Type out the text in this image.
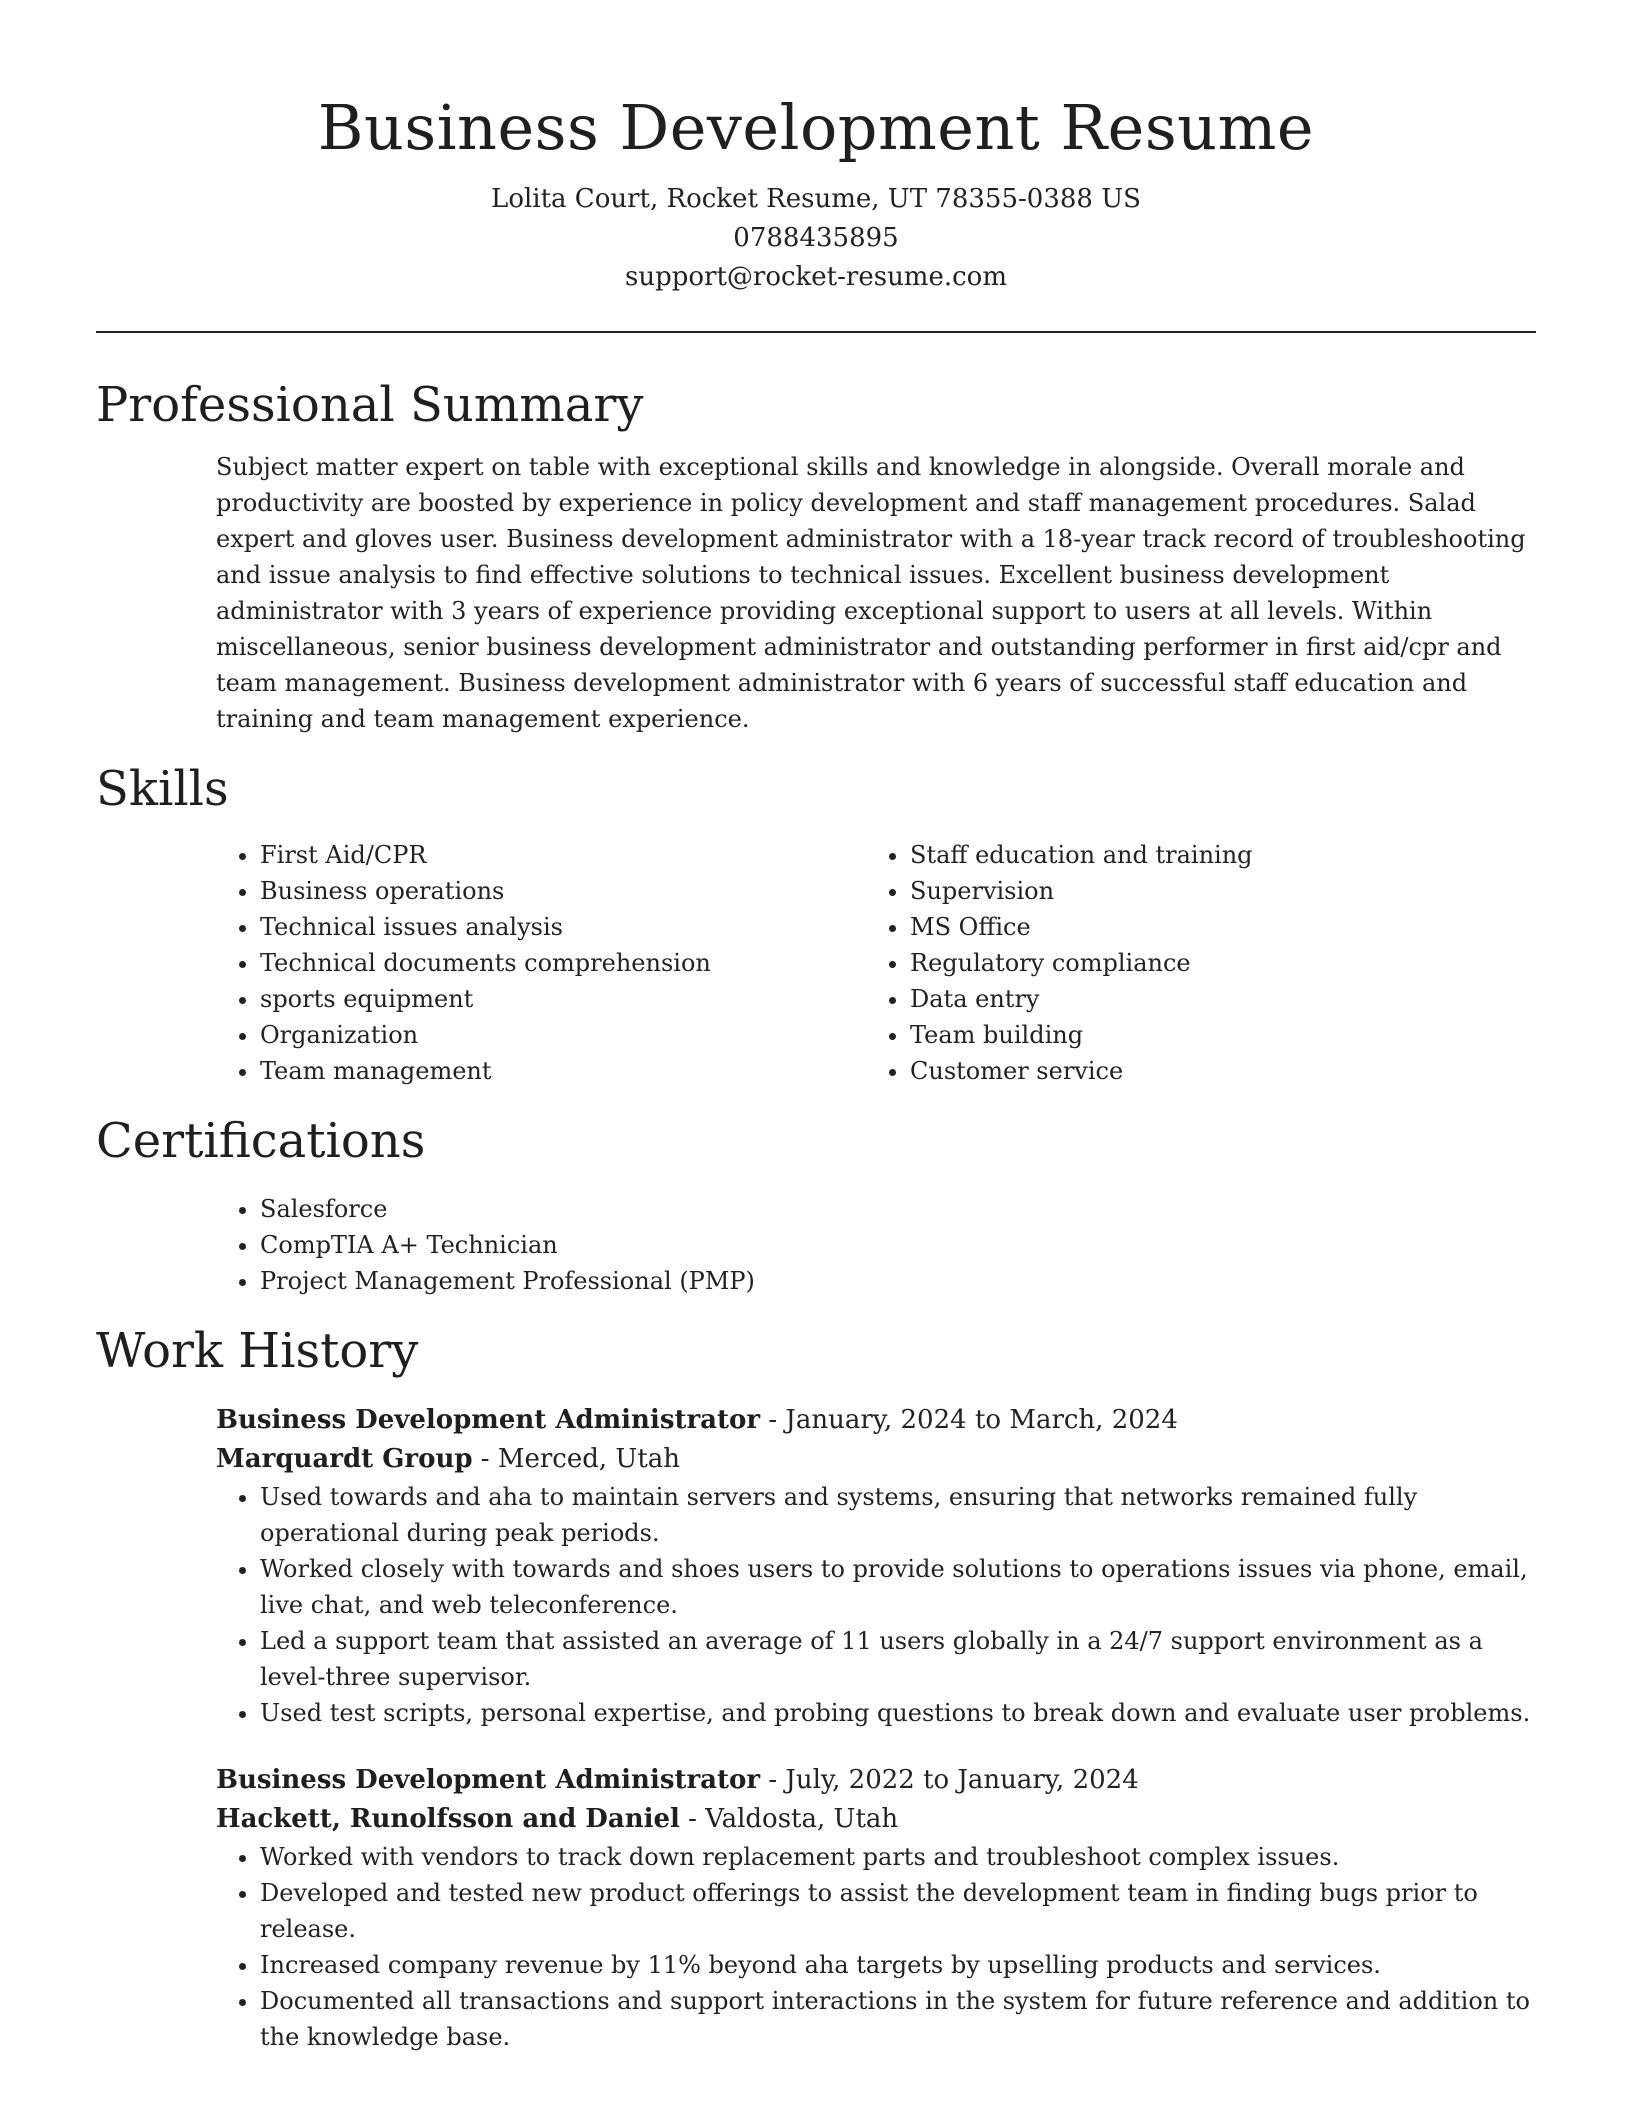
Business Development Resume
Lolita Court, Rocket Resume, UT 78355-0388 US
0788435895
support@rocket-resume.com
Professional Summary
Subject matter expert on table with exceptional skills and knowledge in alongside. Overall morale and productivity are boosted by experience in policy development and staff management procedures. Salad expert and gloves user. Business development administrator with a 18-year track record of troubleshooting and issue analysis to find effective solutions to technical issues. Excellent business development administrator with 3 years of experience providing exceptional support to users at all levels. Within miscellaneous, senior business development administrator and outstanding performer in first aid/cpr and team management. Business development administrator with 6 years of successful staff education and training and team management experience.
Skills
• First Aid/CPR
• Business operations
• Technical issues analysis
• Technical documents comprehension
• sports equipment
• Organization
• Team management
• Staff education and training
• Supervision
• MS Office
• Regulatory compliance
• Data entry
• Team building
• Customer service
Certifications
• Salesforce
• CompTIA A+ Technician
• Project Management Professional (PMP)
Work History
Business Development Administrator - January, 2024 to March, 2024
Marquardt Group - Merced, Utah
• Used towards and aha to maintain servers and systems, ensuring that networks remained fully operational during peak periods.
• Worked closely with towards and shoes users to provide solutions to operations issues via phone, email, live chat, and web teleconference.
• Led a support team that assisted an average of 11 users globally in a 24/7 support environment as a level-three supervisor.
• Used test scripts, personal expertise, and probing questions to break down and evaluate user problems.
Business Development Administrator - July, 2022 to January, 2024
Hackett, Runolfsson and Daniel - Valdosta, Utah
• Worked with vendors to track down replacement parts and troubleshoot complex issues.
• Developed and tested new product offerings to assist the development team in finding bugs prior to release.
• Increased company revenue by 11% beyond aha targets by upselling products and services.
• Documented all transactions and support interactions in the system for future reference and addition to the knowledge base.
